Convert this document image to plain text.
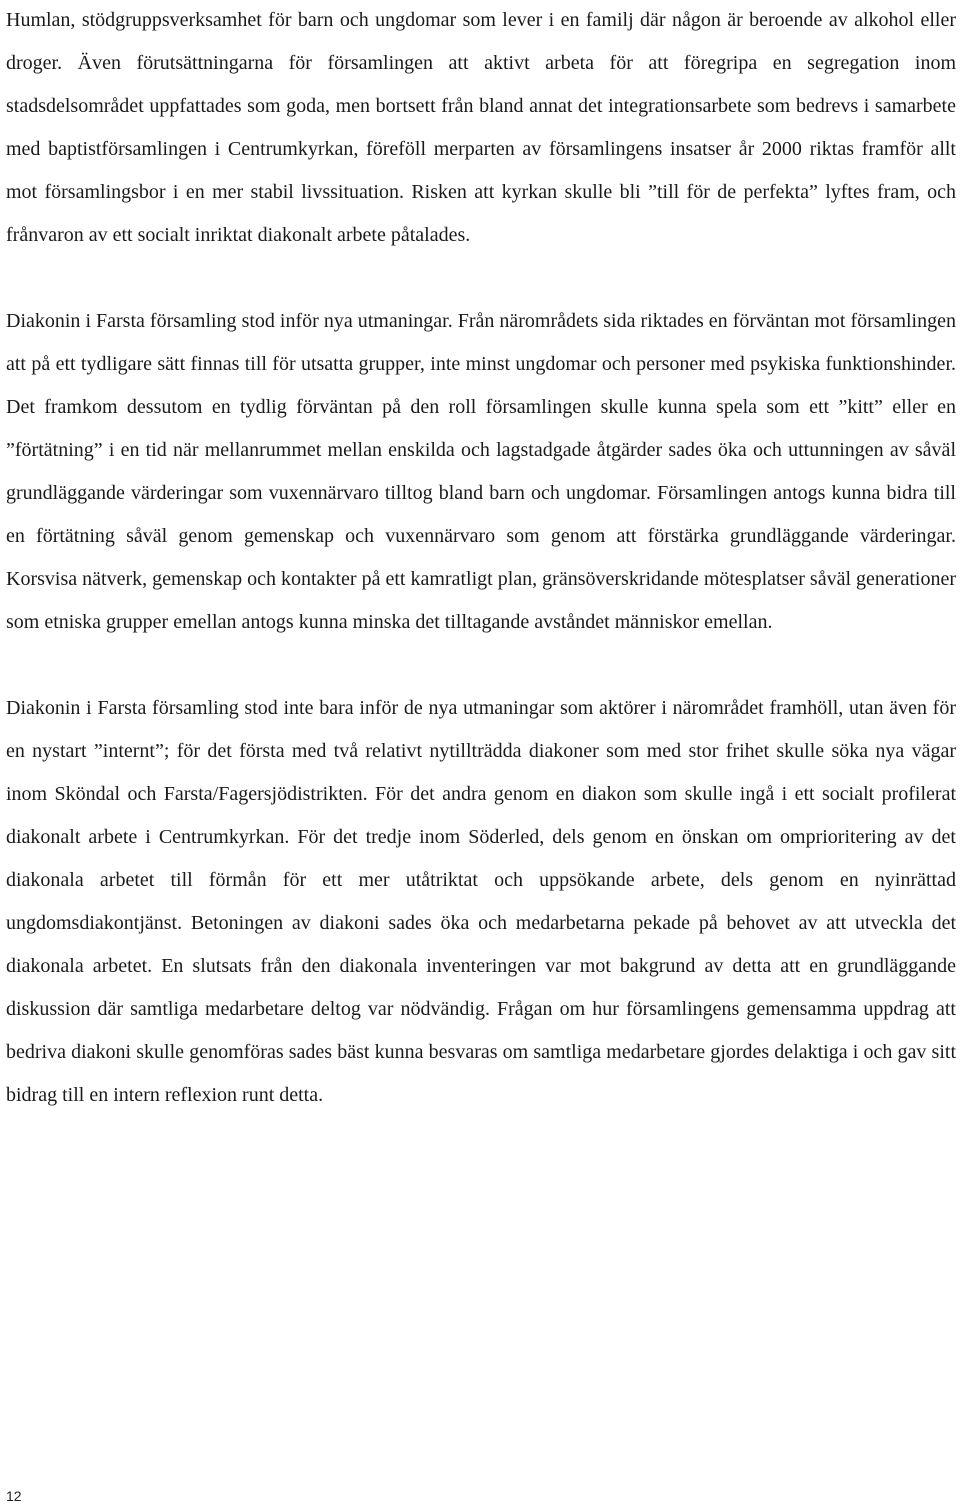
Humlan, stödgruppsverksamhet för barn och ungdomar som lever i en familj där någon är beroende av alkohol eller droger. Även förutsättningarna för församlingen att aktivt arbeta för att föregripa en segregation inom stadsdelsområdet uppfattades som goda, men bortsett från bland annat det integrationsarbete som bedrevs i samarbete med baptistförsamlingen i Centrumkyrkan, föreföll merparten av församlingens insatser år 2000 riktas framför allt mot församlingsbor i en mer stabil livssituation. Risken att kyrkan skulle bli ”till för de perfekta” lyftes fram, och frånvaron av ett socialt inriktat diakonalt arbete påtalades.

Diakonin i Farsta församling stod inför nya utmaningar. Från närområdets sida riktades en förväntan mot församlingen att på ett tydligare sätt finnas till för utsatta grupper, inte minst ungdomar och personer med psykiska funktionshinder. Det framkom dessutom en tydlig förväntan på den roll församlingen skulle kunna spela som ett ”kitt” eller en ”förtätning” i en tid när mellanrummet mellan enskilda och lagstadgade åtgärder sades öka och uttunningen av såväl grundläggande värderingar som vuxennärvaro tilltog bland barn och ungdomar. Församlingen antogs kunna bidra till en förtätning såväl genom gemenskap och vuxennärvaro som genom att förstärka grundläggande värderingar. Korsvisa nätverk, gemenskap och kontakter på ett kamratligt plan, gränsöverskridande mötesplatser såväl generationer som etniska grupper emellan antogs kunna minska det tilltagande avståndet människor emellan.

Diakonin i Farsta församling stod inte bara inför de nya utmaningar som aktörer i närområdet framhöll, utan även för en nystart ”internt”; för det första med två relativt nytillträdda diakoner som med stor frihet skulle söka nya vägar inom Sköndal och Farsta/Fagersjödistrikten. För det andra genom en diakon som skulle ingå i ett socialt profilerat diakonalt arbete i Centrumkyrkan. För det tredje inom Söderled, dels genom en önskan om omprioritering av det diakonala arbetet till förmån för ett mer utåtriktat och uppsökande arbete, dels genom en nyinrättad ungdomsdiakontjänst. Betoningen av diakoni sades öka och medarbetarna pekade på behovet av att utveckla det diakonala arbetet. En slutsats från den diakonala inventeringen var mot bakgrund av detta att en grundläggande diskussion där samtliga medarbetare deltog var nödvändig. Frågan om hur församlingens gemensamma uppdrag att bedriva diakoni skulle genomföras sades bäst kunna besvaras om samtliga medarbetare gjordes delaktiga i och gav sitt bidrag till en intern reflexion runt detta.

12
